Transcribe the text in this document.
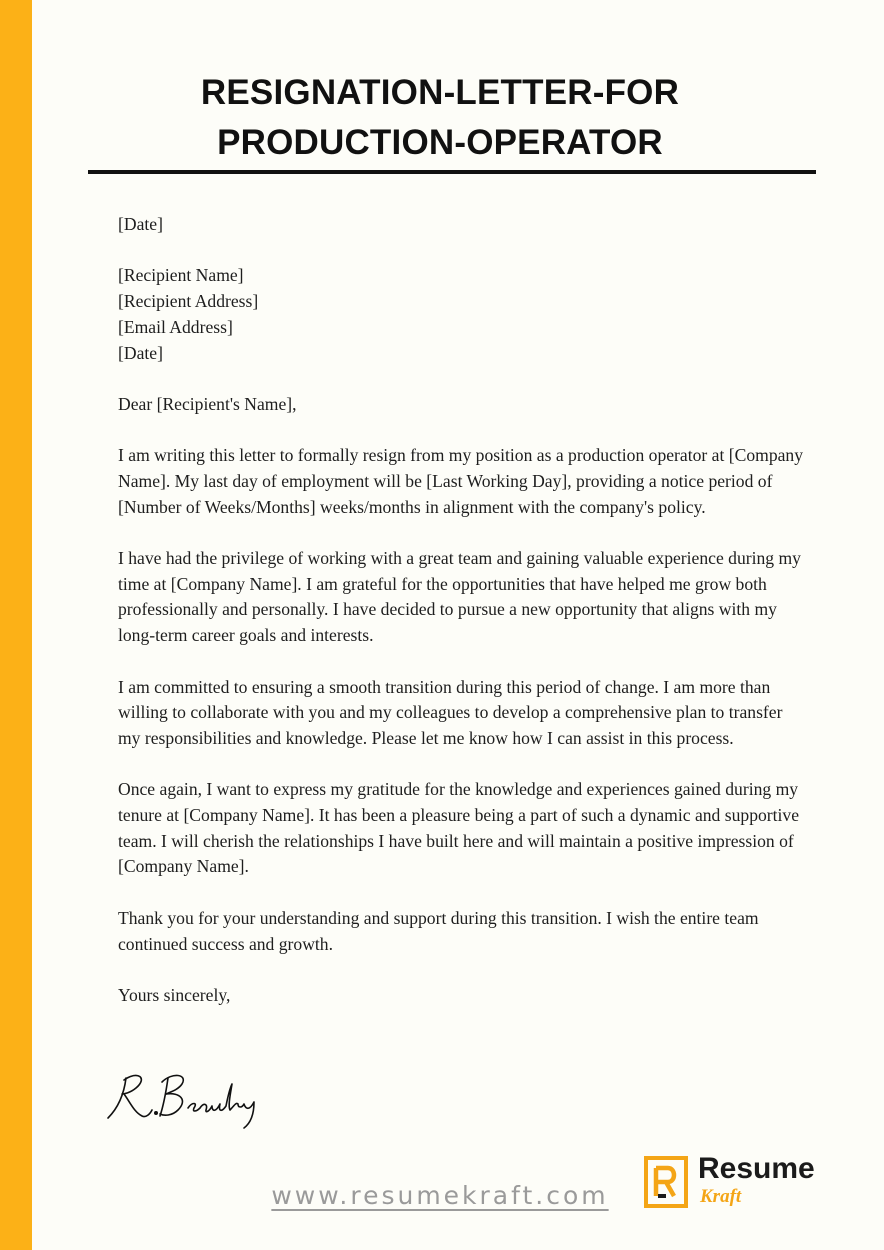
RESIGNATION-LETTER-FOR
PRODUCTION-OPERATOR

[Date]

[Recipient Name]
[Recipient Address]
[Email Address]
[Date]

Dear [Recipient's Name],

I am writing this letter to formally resign from my position as a production operator at [Company Name]. My last day of employment will be [Last Working Day], providing a notice period of [Number of Weeks/Months] weeks/months in alignment with the company's policy.

I have had the privilege of working with a great team and gaining valuable experience during my time at [Company Name]. I am grateful for the opportunities that have helped me grow both professionally and personally. I have decided to pursue a new opportunity that aligns with my long-term career goals and interests.

I am committed to ensuring a smooth transition during this period of change. I am more than willing to collaborate with you and my colleagues to develop a comprehensive plan to transfer my responsibilities and knowledge. Please let me know how I can assist in this process.

Once again, I want to express my gratitude for the knowledge and experiences gained during my tenure at [Company Name]. It has been a pleasure being a part of such a dynamic and supportive team. I will cherish the relationships I have built here and will maintain a positive impression of [Company Name].

Thank you for your understanding and support during this transition. I wish the entire team continued success and growth.

Yours sincerely,

www.resumekraft.com
Resume
Kraft
